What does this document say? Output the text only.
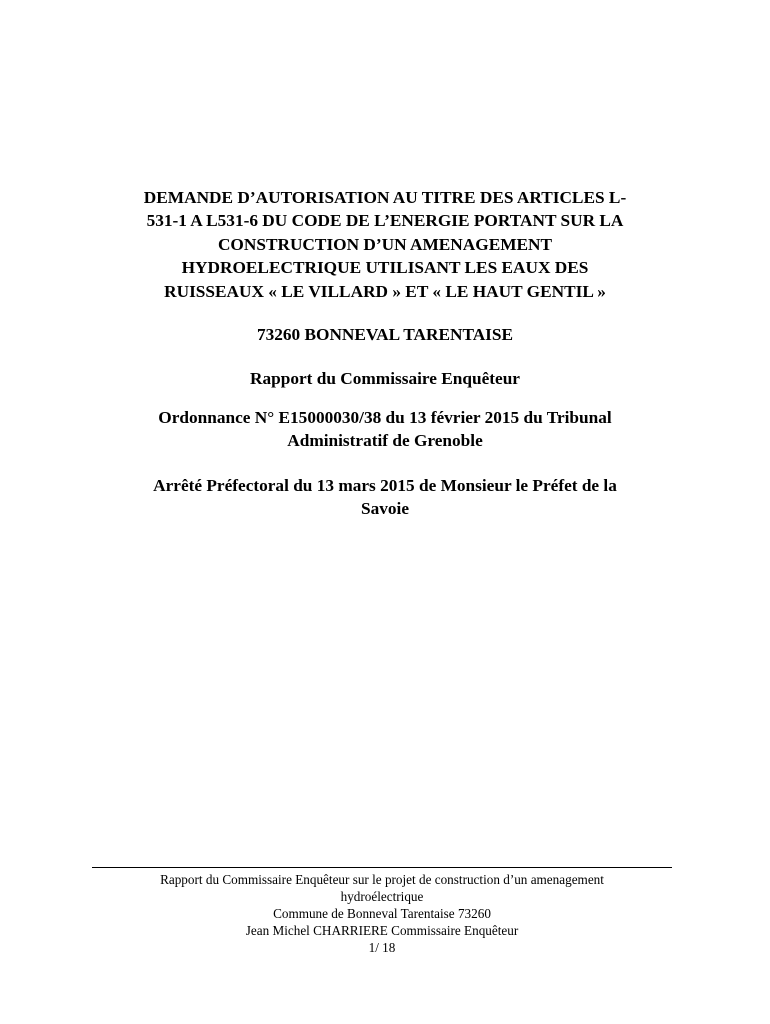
DEMANDE D’AUTORISATION AU TITRE DES ARTICLES L-
531-1 A L531-6 DU CODE DE L’ENERGIE PORTANT SUR LA
CONSTRUCTION D’UN AMENAGEMENT
HYDROELECTRIQUE UTILISANT LES EAUX DES
RUISSEAUX « LE VILLARD » ET « LE HAUT GENTIL »

73260 BONNEVAL TARENTAISE

Rapport du Commissaire Enquêteur

Ordonnance N° E15000030/38 du 13 février 2015 du Tribunal
Administratif de Grenoble

Arrêté Préfectoral du 13 mars 2015 de Monsieur le Préfet de la
Savoie

Rapport du Commissaire Enquêteur sur le projet de construction d’un amenagement
hydroélectrique
Commune de Bonneval Tarentaise 73260
Jean Michel CHARRIERE Commissaire Enquêteur
1/ 18
